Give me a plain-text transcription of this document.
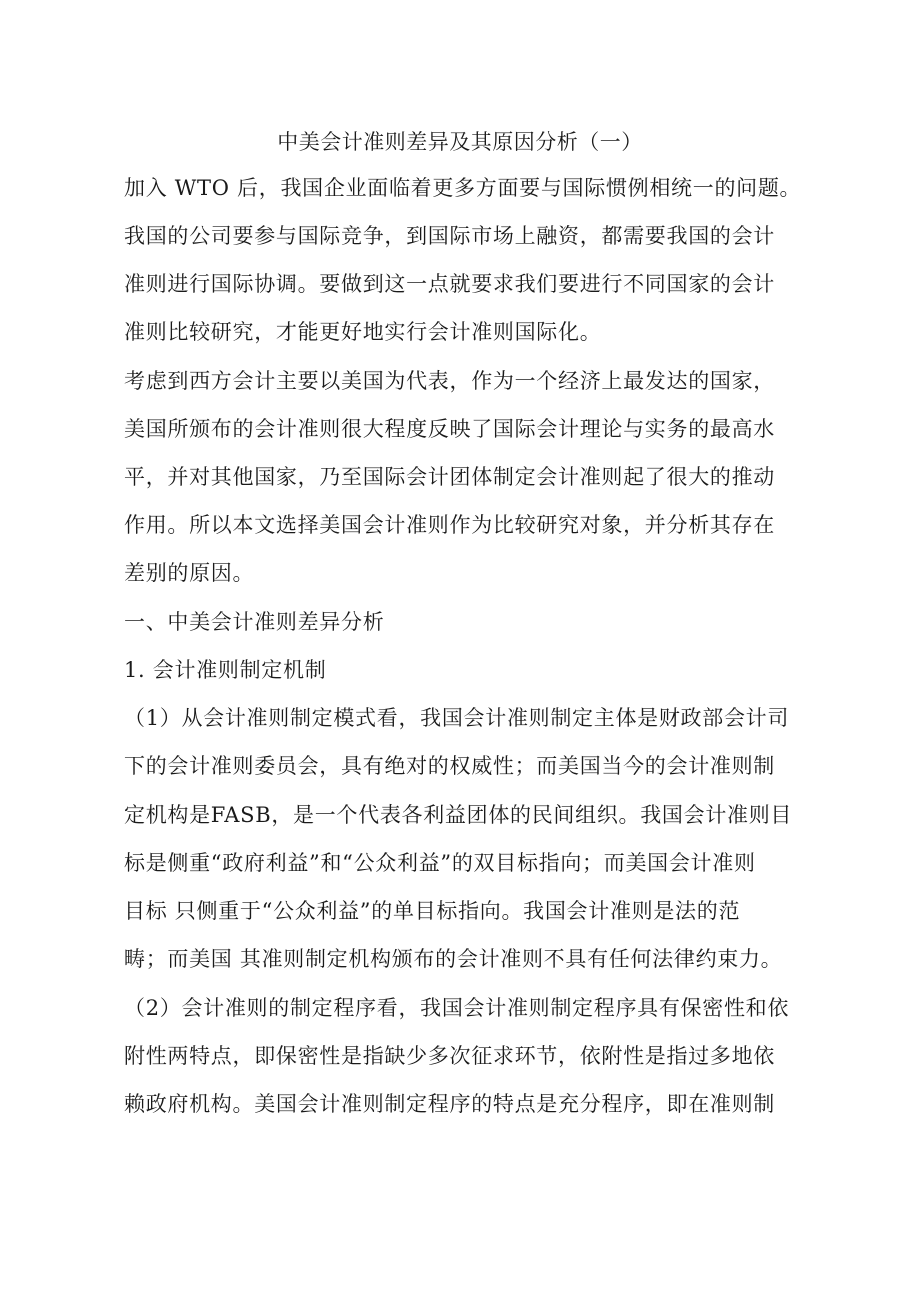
中美会计准则差异及其原因分析（一）
加入 WTO 后，我国企业面临着更多方面要与国际惯例相统一的问题。
我国的公司要参与国际竞争，到国际市场上融资，都需要我国的会计
准则进行国际协调。要做到这一点就要求我们要进行不同国家的会计
准则比较研究，才能更好地实行会计准则国际化。
考虑到西方会计主要以美国为代表，作为一个经济上最发达的国家，
美国所颁布的会计准则很大程度反映了国际会计理论与实务的最高水
平，并对其他国家，乃至国际会计团体制定会计准则起了很大的推动
作用。所以本文选择美国会计准则作为比较研究对象，并分析其存在
差别的原因。
一、中美会计准则差异分析
1. 会计准则制定机制
（1）从会计准则制定模式看，我国会计准则制定主体是财政部会计司
下的会计准则委员会，具有绝对的权威性；而美国当今的会计准则制
定机构是FASB，是一个代表各利益团体的民间组织。我国会计准则目
标是侧重“政府利益”和“公众利益”的双目标指向；而美国会计准则
目标 只侧重于“公众利益”的单目标指向。我国会计准则是法的范
畴；而美国 其准则制定机构颁布的会计准则不具有任何法律约束力。
（2）会计准则的制定程序看，我国会计准则制定程序具有保密性和依
附性两特点，即保密性是指缺少多次征求环节，依附性是指过多地依
赖政府机构。美国会计准则制定程序的特点是充分程序，即在准则制
